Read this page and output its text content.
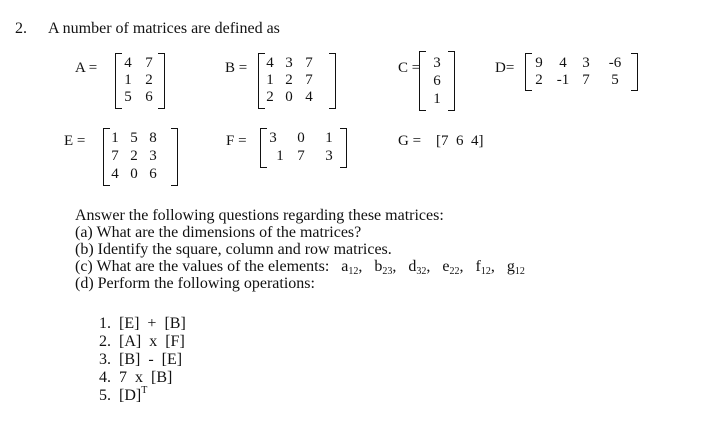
2. A number of matrices are defined as
A = 4 7
1 2
5 6
B = 4 3 7
1 2 7
2 0 4
C = 3
6
1
D= 9 4 3	-6
2 -1 7	5
E = 1 5 8
7 2 3
4 0 6
F = 3 0 1
1 7 3
G = [7  6  4]
Answer the following questions regarding these matrices:
(a) What are the dimensions of the matrices?
(b) Identify the square, column and row matrices.
(c) What are the values of the elements: a12, b23, d32, e22, f12, g12
(d) Perform the following operations:
1. [E]  +  [B]
2. [A]  x  [F]
3. [B]  -  [E]
4. 7  x  [B]
5. $[D]^T$
